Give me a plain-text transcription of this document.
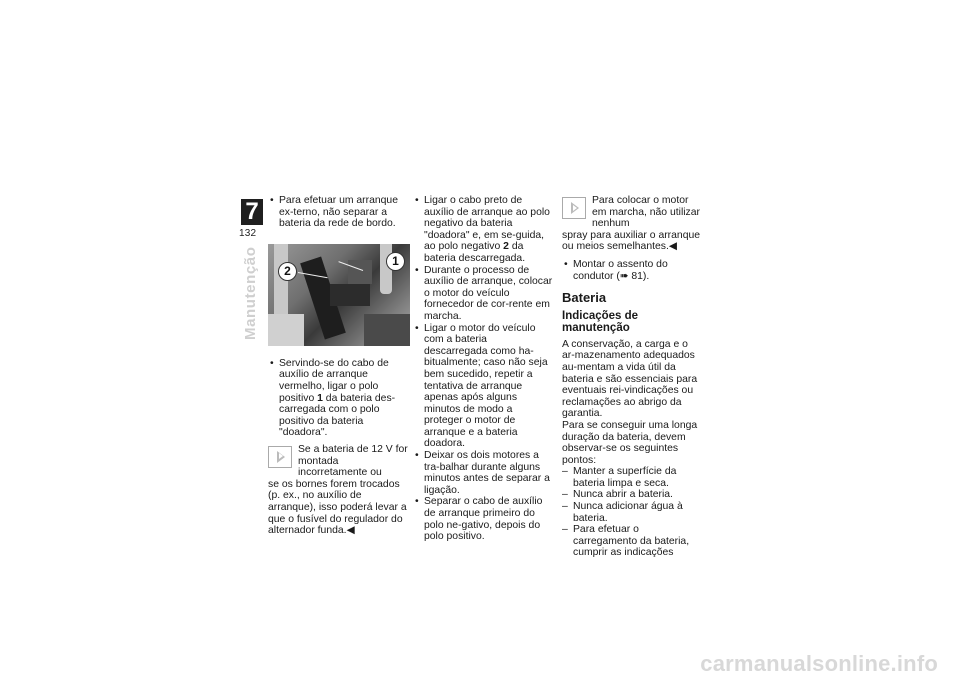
7
132
Manutenção
• Para efetuar um arranque ex-terno, não separar a bateria da rede de bordo.
2
1
• Servindo-se do cabo de auxílio de arranque vermelho, ligar o polo positivo 1 da bateria des-carregada com o polo positivo da bateria "doadora".
Se a bateria de 12 V for montada incorretamente ou
se os bornes forem trocados (p. ex., no auxílio de arranque), isso poderá levar a que o fusível do regulador do alternador funda.◀
• Ligar o cabo preto de auxílio de arranque ao polo negativo da bateria "doadora" e, em se-guida, ao polo negativo 2 da bateria descarregada.
• Durante o processo de auxílio de arranque, colocar o motor do veículo fornecedor de cor-rente em marcha.
• Ligar o motor do veículo com a bateria descarregada como ha-bitualmente; caso não seja bem sucedido, repetir a tentativa de arranque apenas após alguns minutos de modo a proteger o motor de arranque e a bateria doadora.
• Deixar os dois motores a tra-balhar durante alguns minutos antes de separar a ligação.
• Separar o cabo de auxílio de arranque primeiro do polo ne-gativo, depois do polo positivo.
Para colocar o motor em marcha, não utilizar nenhum
spray para auxiliar o arranque ou meios semelhantes.◀
• Montar o assento do condutor (➠ 81).
Bateria
Indicações de manutenção

A conservação, a carga e o ar-mazenamento adequados au-mentam a vida útil da bateria e são essenciais para eventuais rei-vindicações ou reclamações ao abrigo da garantia.

Para se conseguir uma longa duração da bateria, devem observar-se os seguintes pontos:

– Manter a superfície da bateria limpa e seca.
– Nunca abrir a bateria.
– Nunca adicionar água à bateria.
– Para efetuar o carregamento da bateria, cumprir as indicações
carmanualsonline.info
